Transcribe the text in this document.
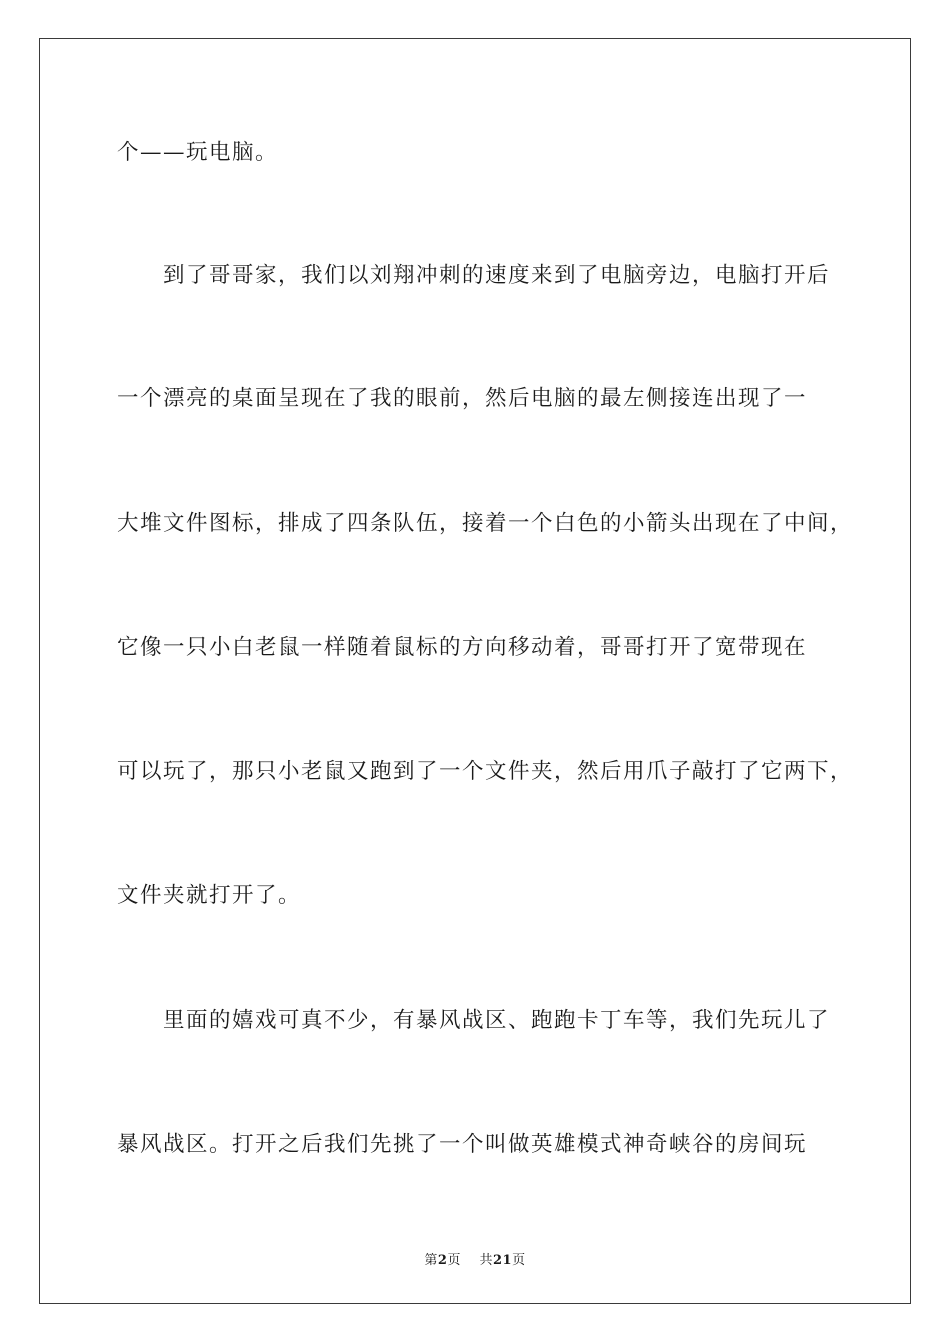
个——玩电脑。
到了哥哥家，我们以刘翔冲刺的速度来到了电脑旁边，电脑打开后
一个漂亮的桌面呈现在了我的眼前，然后电脑的最左侧接连出现了一
大堆文件图标，排成了四条队伍，接着一个白色的小箭头出现在了中间，
它像一只小白老鼠一样随着鼠标的方向移动着，哥哥打开了宽带现在
可以玩了，那只小老鼠又跑到了一个文件夹，然后用爪子敲打了它两下，
文件夹就打开了。
里面的嬉戏可真不少，有暴风战区、跑跑卡丁车等，我们先玩儿了
暴风战区。打开之后我们先挑了一个叫做英雄模式神奇峡谷的房间玩
第2页 共21页
